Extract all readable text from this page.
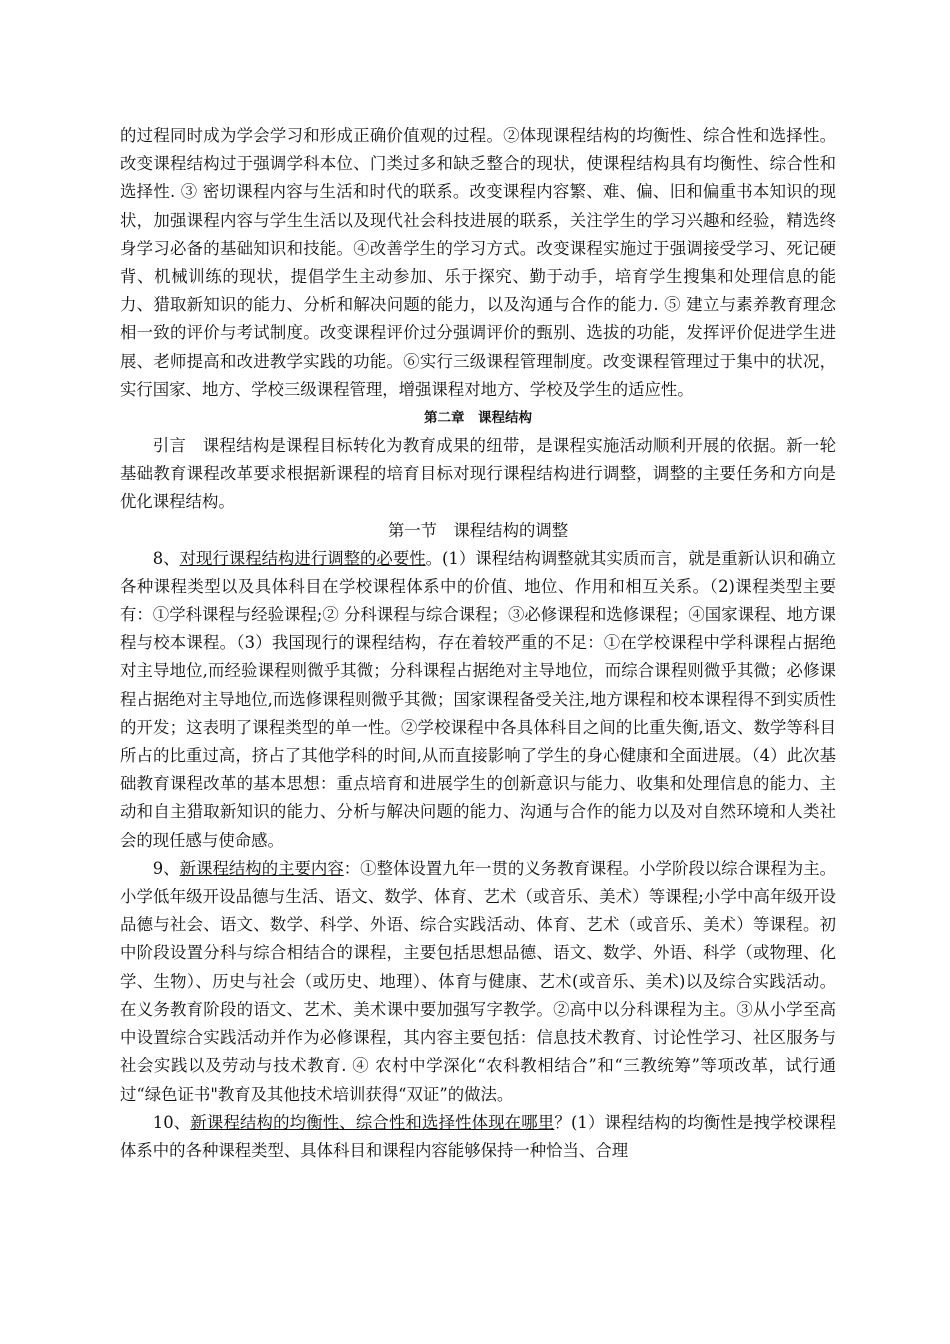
的过程同时成为学会学习和形成正确价值观的过程。②体现课程结构的均衡性、综合性和选择性。改变课程结构过于强调学科本位、门类过多和缺乏整合的现状，使课程结构具有均衡性、综合性和选择性. ③ 密切课程内容与生活和时代的联系。改变课程内容繁、难、偏、旧和偏重书本知识的现状，加强课程内容与学生生活以及现代社会科技进展的联系，关注学生的学习兴趣和经验，精选终身学习必备的基础知识和技能。④改善学生的学习方式。改变课程实施过于强调接受学习、死记硬背、机械训练的现状，提倡学生主动参加、乐于探究、勤于动手，培育学生搜集和处理信息的能力、猎取新知识的能力、分析和解决问题的能力，以及沟通与合作的能力. ⑤ 建立与素养教育理念相一致的评价与考试制度。改变课程评价过分强调评价的甄别、选拔的功能，发挥评价促进学生进展、老师提高和改进教学实践的功能。⑥实行三级课程管理制度。改变课程管理过于集中的状况，实行国家、地方、学校三级课程管理，增强课程对地方、学校及学生的适应性。

第二章　课程结构

引言　课程结构是课程目标转化为教育成果的纽带，是课程实施活动顺利开展的依据。新一轮基础教育课程改革要求根据新课程的培育目标对现行课程结构进行调整，调整的主要任务和方向是优化课程结构。

第一节　课程结构的调整

8、对现行课程结构进行调整的必要性。(1）课程结构调整就其实质而言，就是重新认识和确立各种课程类型以及具体科目在学校课程体系中的价值、地位、作用和相互关系。（2)课程类型主要有：①学科课程与经验课程;② 分科课程与综合课程；③必修课程和选修课程；④国家课程、地方课程与校本课程。（3）我国现行的课程结构，存在着较严重的不足：①在学校课程中学科课程占据绝对主导地位,而经验课程则微乎其微；分科课程占据绝对主导地位，而综合课程则微乎其微；必修课程占据绝对主导地位,而选修课程则微乎其微；国家课程备受关注,地方课程和校本课程得不到实质性的开发；这表明了课程类型的单一性。②学校课程中各具体科目之间的比重失衡,语文、数学等科目所占的比重过高，挤占了其他学科的时间,从而直接影响了学生的身心健康和全面进展。（4）此次基础教育课程改革的基本思想：重点培育和进展学生的创新意识与能力、收集和处理信息的能力、主动和自主猎取新知识的能力、分析与解决问题的能力、沟通与合作的能力以及对自然环境和人类社会的现任感与使命感。

9、新课程结构的主要内容：①整体设置九年一贯的义务教育课程。小学阶段以综合课程为主。小学低年级开设品德与生活、语文、数学、体育、艺术（或音乐、美术）等课程;小学中高年级开设品德与社会、语文、数学、科学、外语、综合实践活动、体育、艺术（或音乐、美术）等课程。初中阶段设置分科与综合相结合的课程，主要包括思想品德、语文、数学、外语、科学（或物理、化学、生物）、历史与社会（或历史、地理）、体育与健康、艺术(或音乐、美术)以及综合实践活动。在义务教育阶段的语文、艺术、美术课中要加强写字教学。②高中以分科课程为主。③从小学至高中设置综合实践活动并作为必修课程，其内容主要包括：信息技术教育、讨论性学习、社区服务与社会实践以及劳动与技术教育. ④ 农村中学深化“农科教相结合”和“三教统筹”等项改革，试行通过“绿色证书"教育及其他技术培训获得“双证”的做法。

10、新课程结构的均衡性、综合性和选择性体现在哪里？(1）课程结构的均衡性是拽学校课程体系中的各种课程类型、具体科目和课程内容能够保持一种恰当、合理
